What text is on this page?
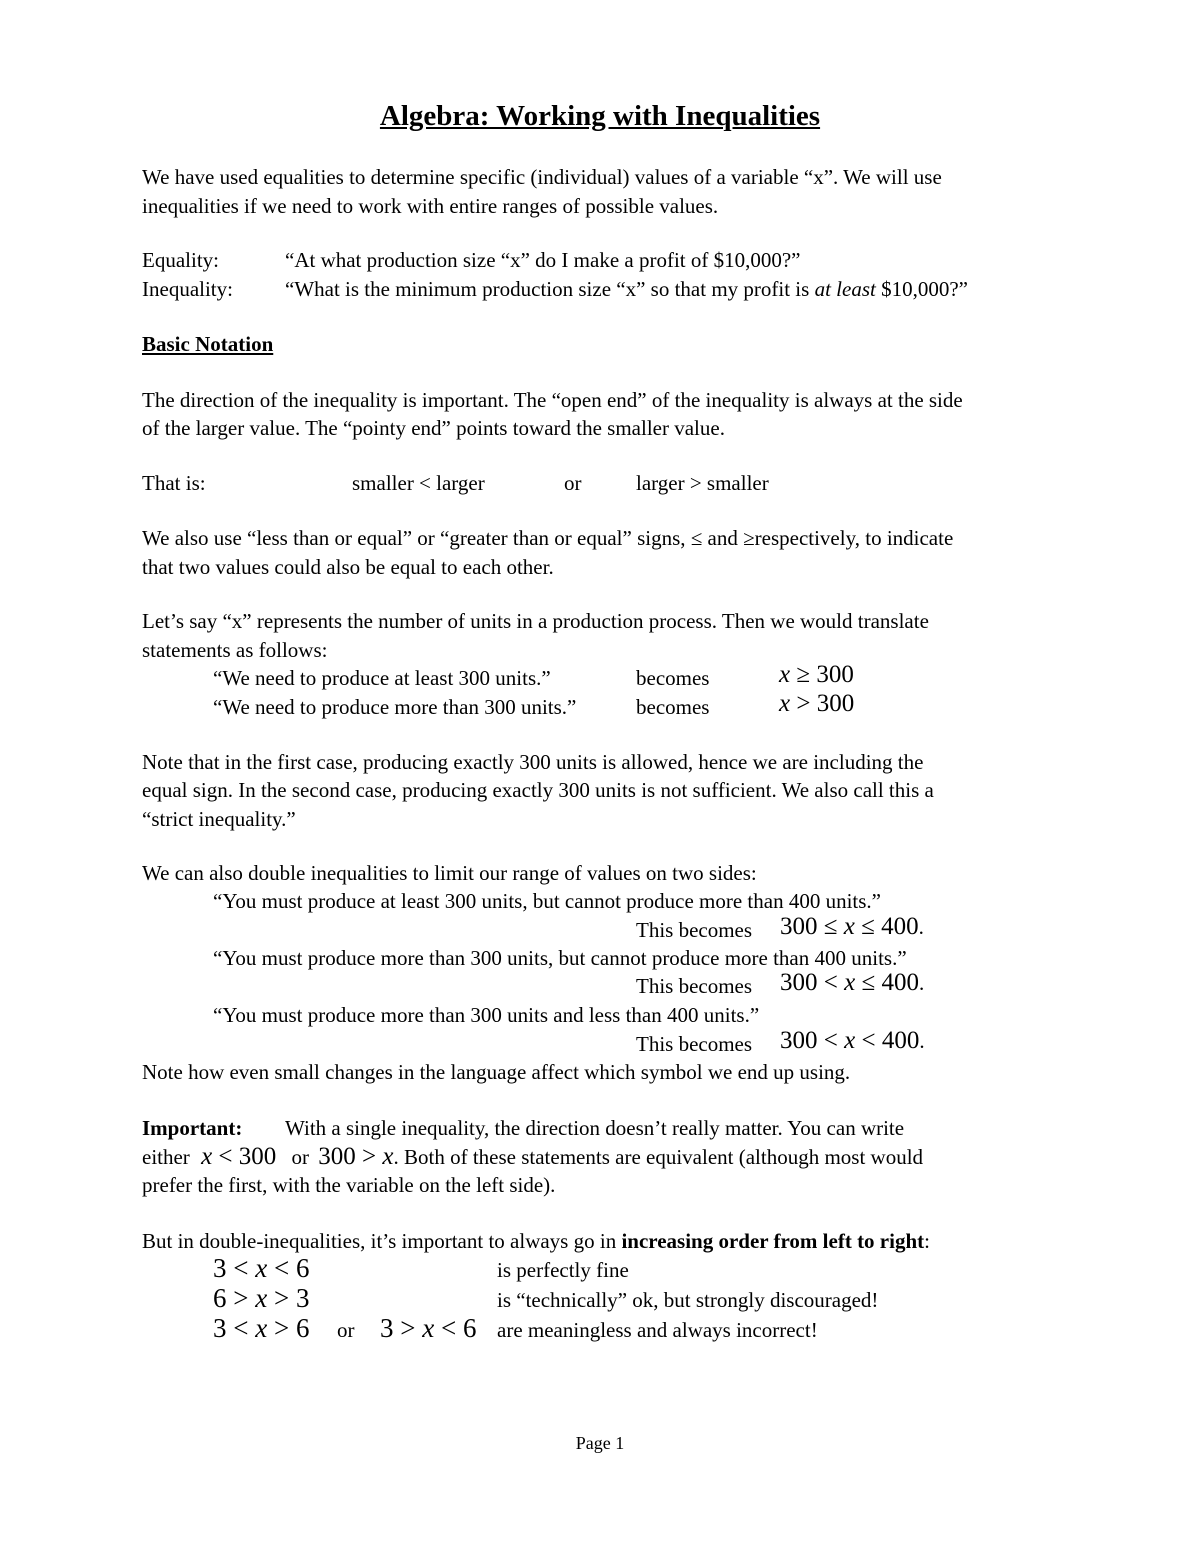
Algebra: Working with Inequalities
We have used equalities to determine specific (individual) values of a variable “x”. We will use
inequalities if we need to work with entire ranges of possible values.
Equality:	“At what production size “x” do I make a profit of $10,000?”
Inequality: “What is the minimum production size “x” so that my profit is at least $10,000?”
Basic Notation
The direction of the inequality is important. The “open end” of the inequality is always at the side
of the larger value. The “pointy end” points toward the smaller value.
That is:	smaller < larger	or	larger > smaller
We also use “less than or equal” or “greater than or equal” signs, ≤ and ≥respectively, to indicate
that two values could also be equal to each other.
Let’s say “x” represents the number of units in a production process. Then we would translate
statements as follows:
“We need to produce at least 300 units.”	becomes	x ≥ 300
“We need to produce more than 300 units.”	becomes	x > 300
Note that in the first case, producing exactly 300 units is allowed, hence we are including the
equal sign. In the second case, producing exactly 300 units is not sufficient. We also call this a
“strict inequality.”
We can also double inequalities to limit our range of values on two sides:
“You must produce at least 300 units, but cannot produce more than 400 units.”
This becomes 300 ≤ x ≤ 400.
“You must produce more than 300 units, but cannot produce more than 400 units.”
This becomes 300 < x ≤ 400.
“You must produce more than 300 units and less than 400 units.”
This becomes 300 < x < 400.
Note how even small changes in the language affect which symbol we end up using.
Important: With a single inequality, the direction doesn’t really matter. You can write
either x < 300 or 300 > x. Both of these statements are equivalent (although most would
prefer the first, with the variable on the left side).
But in double-inequalities, it’s important to always go in increasing order from left to right:
3 < x < 6	is perfectly fine
6 > x > 3	is “technically” ok, but strongly discouraged!
3 < x > 6 or 3 > x < 6 are meaningless and always incorrect!
Page 1
